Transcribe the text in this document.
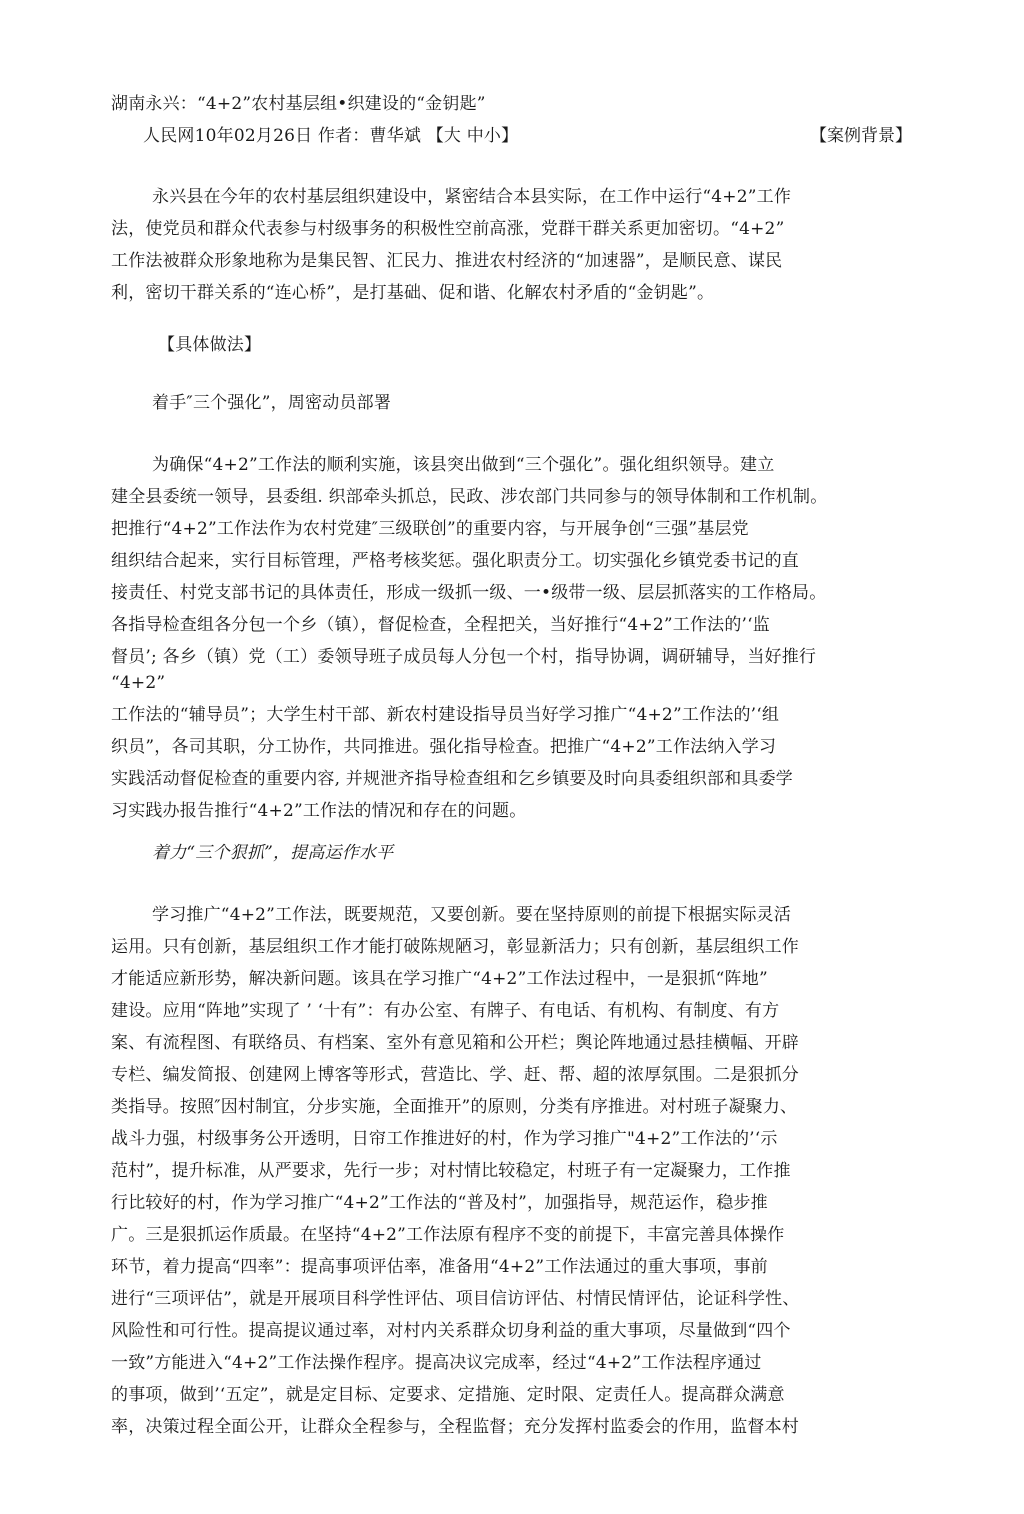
湖南永兴：“4+2”农村基层组•织建设的“金钥匙”
人民网10年02月26日 作者：曹华斌 【大 中小】	【案例背景】
永兴县在今年的农村基层组织建设中，紧密结合本县实际，在工作中运行“4+2”工作
法，使党员和群众代表参与村级事务的积极性空前高涨，党群干群关系更加密切。“4+2”
工作法被群众形象地称为是集民智、汇民力、推进农村经济的“加速器”，是顺民意、谋民
利，密切干群关系的“连心桥”，是打基础、促和谐、化解农村矛盾的“金钥匙”。
【具体做法】
着手″三个强化”，周密动员部署
为确保“4+2”工作法的顺利实施，该县突出做到“三个强化”。强化组织领导。建立
建全县委统一领导，县委组. 织部牵头抓总，民政、涉农部门共同参与的领导体制和工作机制。
把推行“4+2”工作法作为农村党建″三级联创”的重要内容，与开展争创“三强”基层党
组织结合起来，实行目标管理，严格考核奖惩。强化职责分工。切实强化乡镇党委书记的直
接责任、村党支部书记的具体责任，形成一级抓一级、一•级带一级、层层抓落实的工作格局。
各指导检查组各分包一个乡（镇），督促检查，全程把关，当好推行“4+2”工作法的’‘监
督员’; 各乡（镇）党（工）委领导班子成员每人分包一个村，指导协调，调研辅导，当好推行
“4+2”
工作法的“辅导员”；大学生村干部、新农村建设指导员当好学习推广“4+2”工作法的’‘组
织员”，各司其职，分工协作，共同推进。强化指导检查。把推广“4+2”工作法纳入学习
实践活动督促检查的重要内容, 并规泄齐指导检查组和乞乡镇要及时向具委组织部和具委学
习实践办报告推行“4+2”工作法的情况和存在的问题。
着力“三个狠抓”，提高运作水平
学习推广“4+2”工作法，既要规范，又要创新。要在坚持原则的前提下根据实际灵活
运用。只有创新，基层组织工作才能打破陈规陋习，彰显新活力；只有创新，基层组织工作
才能适应新形势，解决新问题。该具在学习推广“4+2”工作法过程中，一是狠抓“阵地”
建设。应用“阵地”实现了 ’ ‘十有”：有办公室、有牌子、有电话、有机构、有制度、有方
案、有流程图、有联络员、有档案、室外有意见箱和公开栏；舆论阵地通过悬挂横幅、开辟
专栏、编发简报、创建网上博客等形式，营造比、学、赶、帮、超的浓厚氛围。二是狠抓分
类指导。按照″因村制宜，分步实施，全面推开”的原则，分类有序推进。对村班子凝聚力、
战斗力强，村级事务公开透明，日帘工作推进好的村，作为学习推广"4+2”工作法的’‘示
范村”，提升标准，从严要求，先行一步；对村情比较稳定，村班子有一定凝聚力，工作推
行比较好的村，作为学习推广“4+2”工作法的“普及村”，加强指导，规范运作，稳步推
广。三是狠抓运作质最。在坚持“4+2”工作法原有程序不变的前提下，丰富完善具体操作
环节，着力提高“四率”：提高事项评估率，准备用“4+2”工作法通过的重大事项，事前
进行“三项评估”，就是开展项目科学性评估、项目信访评估、村情民情评估，论证科学性、
风险性和可行性。提高提议通过率，对村内关系群众切身利益的重大事项，尽量做到“四个
一致”方能进入“4+2”工作法操作程序。提高决议完成率，经过“4+2”工作法程序通过
的事项，做到’‘五定”，就是定目标、定要求、定措施、定时限、定责任人。提高群众满意
率，决策过程全面公开，让群众全程参与，全程监督；充分发挥村监委会的作用，监督本村
